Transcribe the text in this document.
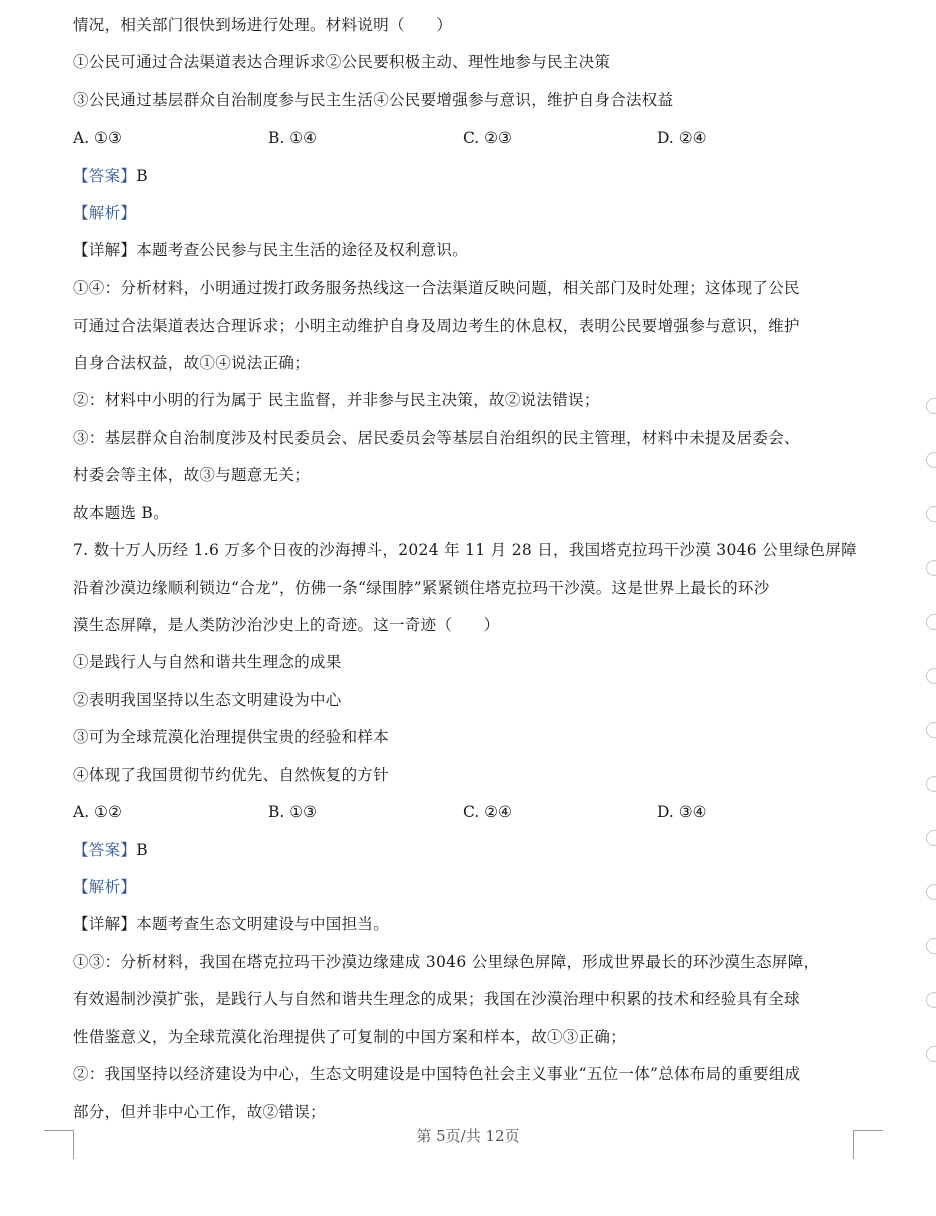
情况，相关部门很快到场进行处理。材料说明（　　）
①公民可通过合法渠道表达合理诉求②公民要积极主动、理性地参与民主决策
③公民通过基层群众自治制度参与民主生活④公民要增强参与意识，维护自身合法权益
A. ①③	B. ①④	C. ②③	D. ②④
【答案】B
【解析】
【详解】本题考查公民参与民主生活的途径及权利意识。
①④：分析材料，小明通过拨打政务服务热线这一合法渠道反映问题，相关部门及时处理；这体现了公民
可通过合法渠道表达合理诉求；小明主动维护自身及周边考生的休息权，表明公民要增强参与意识，维护
自身合法权益，故①④说法正确；
②：材料中小明的行为属于 民主监督，并非参与民主决策，故②说法错误；
③：基层群众自治制度涉及村民委员会、居民委员会等基层自治组织的民主管理，材料中未提及居委会、
村委会等主体，故③与题意无关；
故本题选 B。
7. 数十万人历经 1.6 万多个日夜的沙海搏斗，2024 年 11 月 28 日，我国塔克拉玛干沙漠 3046 公里绿色屏障
沿着沙漠边缘顺利锁边“合龙”，仿佛一条“绿围脖”紧紧锁住塔克拉玛干沙漠。这是世界上最长的环沙
漠生态屏障，是人类防沙治沙史上的奇迹。这一奇迹（　　）
①是践行人与自然和谐共生理念的成果
②表明我国坚持以生态文明建设为中心
③可为全球荒漠化治理提供宝贵的经验和样本
④体现了我国贯彻节约优先、自然恢复的方针
A. ①②	B. ①③	C. ②④	D. ③④
【答案】B
【解析】
【详解】本题考查生态文明建设与中国担当。
①③：分析材料，我国在塔克拉玛干沙漠边缘建成 3046 公里绿色屏障，形成世界最长的环沙漠生态屏障，
有效遏制沙漠扩张，是践行人与自然和谐共生理念的成果；我国在沙漠治理中积累的技术和经验具有全球
性借鉴意义，为全球荒漠化治理提供了可复制的中国方案和样本，故①③正确；
②：我国坚持以经济建设为中心，生态文明建设是中国特色社会主义事业“五位一体”总体布局的重要组成
部分，但并非中心工作，故②错误；
第 5页/共 12页
